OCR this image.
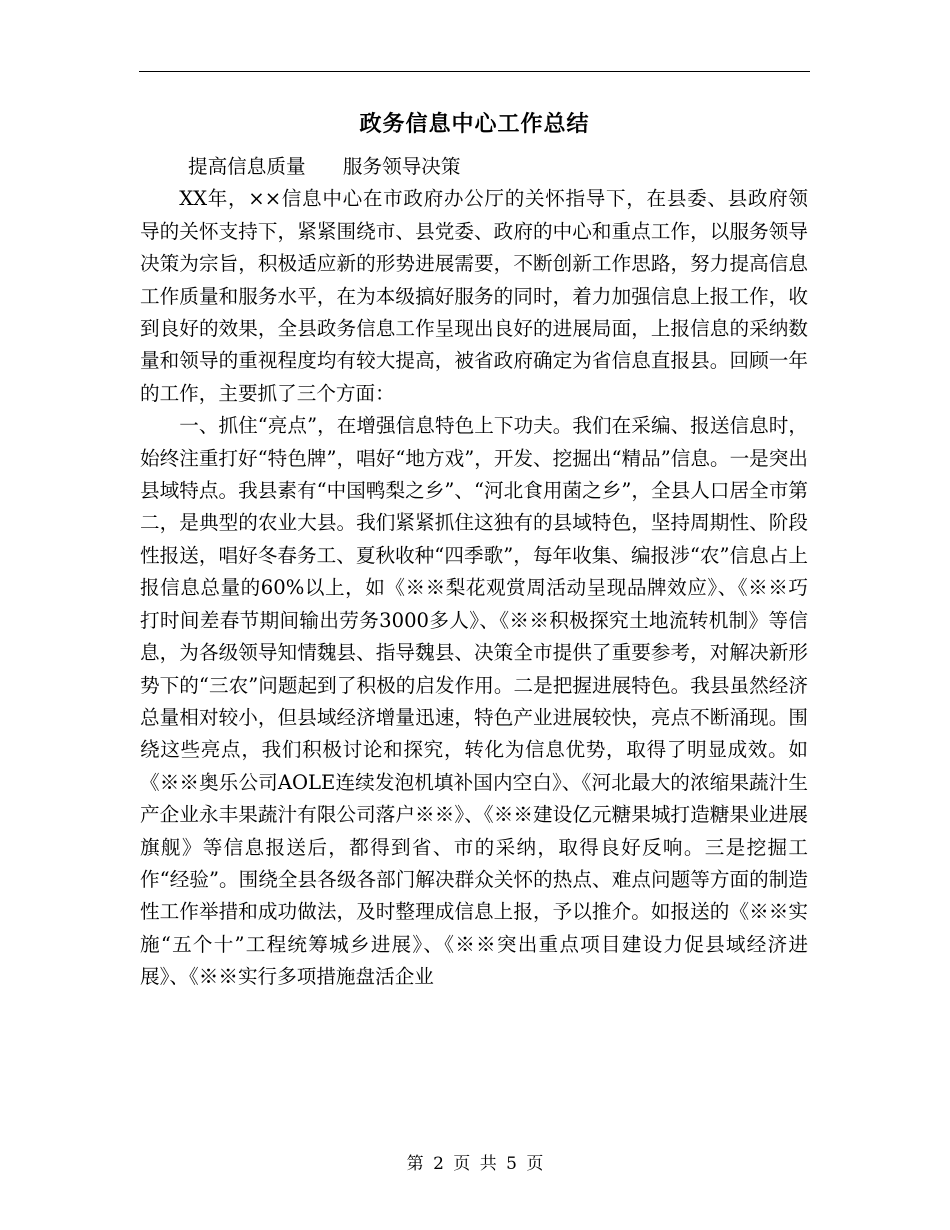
政务信息中心工作总结

提高信息质量      服务领导决策

XX年，××信息中心在市政府办公厅的关怀指导下，在县委、县政府领导的关怀支持下，紧紧围绕市、县党委、政府的中心和重点工作，以服务领导决策为宗旨，积极适应新的形势进展需要，不断创新工作思路，努力提高信息工作质量和服务水平，在为本级搞好服务的同时，着力加强信息上报工作，收到良好的效果，全县政务信息工作呈现出良好的进展局面，上报信息的采纳数量和领导的重视程度均有较大提高，被省政府确定为省信息直报县。回顾一年的工作，主要抓了三个方面：

一、抓住“亮点”，在增强信息特色上下功夫。我们在采编、报送信息时，始终注重打好“特色牌”，唱好“地方戏”，开发、挖掘出“精品”信息。一是突出县域特点。我县素有“中国鸭梨之乡”、“河北食用菌之乡”，全县人口居全市第二，是典型的农业大县。我们紧紧抓住这独有的县域特色，坚持周期性、阶段性报送，唱好冬春务工、夏秋收种“四季歌”，每年收集、编报涉“农”信息占上报信息总量的60%以上，如《※※梨花观赏周活动呈现品牌效应》、《※※巧打时间差春节期间输出劳务3000多人》、《※※积极探究土地流转机制》等信息，为各级领导知情魏县、指导魏县、决策全市提供了重要参考，对解决新形势下的“三农”问题起到了积极的启发作用。二是把握进展特色。我县虽然经济总量相对较小，但县域经济增量迅速，特色产业进展较快，亮点不断涌现。围绕这些亮点，我们积极讨论和探究，转化为信息优势，取得了明显成效。如《※※奥乐公司AOLE连续发泡机填补国内空白》、《河北最大的浓缩果蔬汁生产企业永丰果蔬汁有限公司落户※※》、《※※建设亿元糖果城打造糖果业进展旗舰》等信息报送后，都得到省、市的采纳，取得良好反响。三是挖掘工作“经验”。围绕全县各级各部门解决群众关怀的热点、难点问题等方面的制造性工作举措和成功做法，及时整理成信息上报，予以推介。如报送的《※※实施“五个十”工程统筹城乡进展》、《※※突出重点项目建设力促县域经济进展》、《※※实行多项措施盘活企业

第 2 页 共 5 页
